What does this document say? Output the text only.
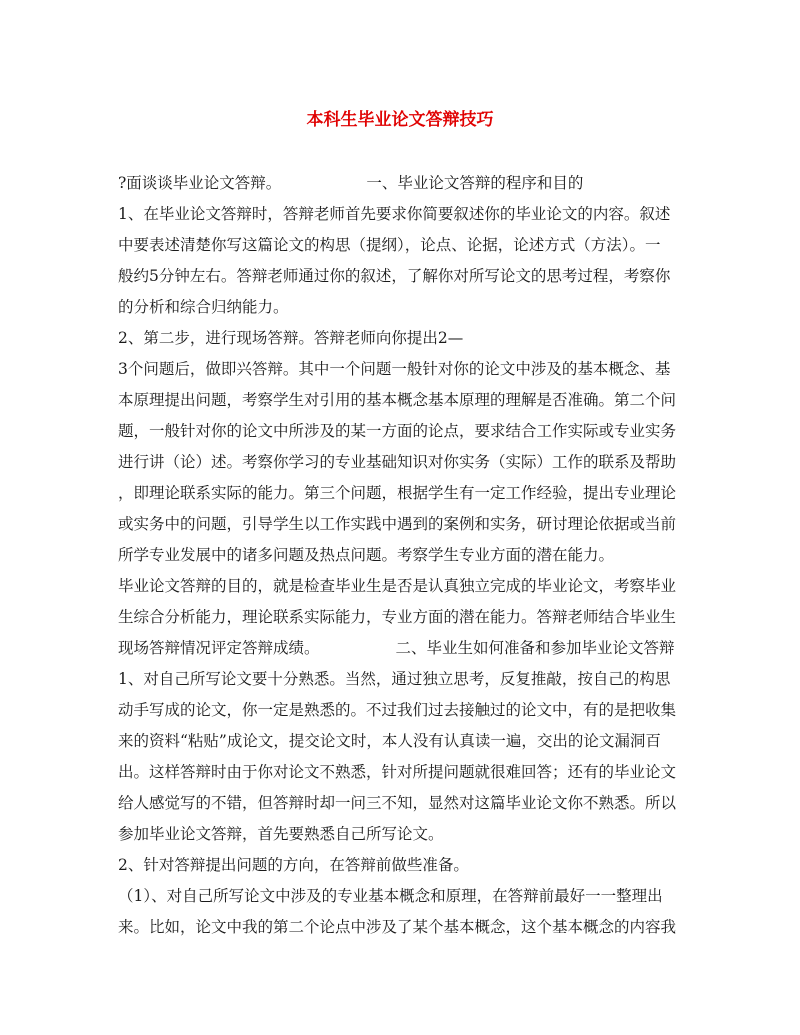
本科生毕业论文答辩技巧
?面谈谈毕业论文答辩。	一、毕业论文答辩的程序和目的
1、在毕业论文答辩时，答辩老师首先要求你简要叙述你的毕业论文的内容。叙述
中要表述清楚你写这篇论文的构思（提纲），论点、论据，论述方式（方法）。一
般约5分钟左右。答辩老师通过你的叙述，了解你对所写论文的思考过程，考察你
的分析和综合归纳能力。
2、第二步，进行现场答辩。答辩老师向你提出2—
3个问题后，做即兴答辩。其中一个问题一般针对你的论文中涉及的基本概念、基
本原理提出问题，考察学生对引用的基本概念基本原理的理解是否准确。第二个问
题，一般针对你的论文中所涉及的某一方面的论点，要求结合工作实际或专业实务
进行讲（论）述。考察你学习的专业基础知识对你实务（实际）工作的联系及帮助
，即理论联系实际的能力。第三个问题，根据学生有一定工作经验，提出专业理论
或实务中的问题，引导学生以工作实践中遇到的案例和实务，研讨理论依据或当前
所学专业发展中的诸多问题及热点问题。考察学生专业方面的潜在能力。
毕业论文答辩的目的，就是检查毕业生是否是认真独立完成的毕业论文，考察毕业
生综合分析能力，理论联系实际能力，专业方面的潜在能力。答辩老师结合毕业生
现场答辩情况评定答辩成绩。	二、毕业生如何准备和参加毕业论文答辩
1、对自己所写论文要十分熟悉。当然，通过独立思考，反复推敲，按自己的构思
动手写成的论文，你一定是熟悉的。不过我们过去接触过的论文中，有的是把收集
来的资料“粘贴”成论文，提交论文时，本人没有认真读一遍，交出的论文漏洞百
出。这样答辩时由于你对论文不熟悉，针对所提问题就很难回答；还有的毕业论文
给人感觉写的不错，但答辩时却一问三不知，显然对这篇毕业论文你不熟悉。所以
参加毕业论文答辩，首先要熟悉自己所写论文。
2、针对答辩提出问题的方向，在答辩前做些准备。
（1）、对自己所写论文中涉及的专业基本概念和原理，在答辩前最好一一整理出
来。比如，论文中我的第二个论点中涉及了某个基本概念，这个基本概念的内容我
